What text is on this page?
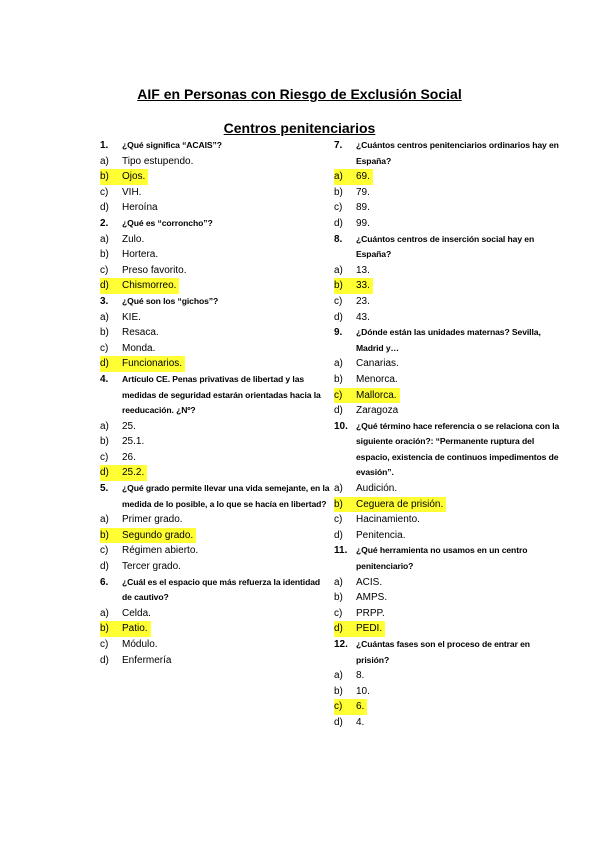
AIF en Personas con Riesgo de Exclusión Social
Centros penitenciarios
1.	¿Qué significa “ACAIS”?
a)	Tipo estupendo.
b)	Ojos.
c)	VIH.
d)	Heroína
2.	¿Qué es “corroncho”?
a)	Zulo.
b)	Hortera.
c)	Preso favorito.
d)	Chismorreo.
3.	¿Qué son los “gichos”?
a)	KIE.
b)	Resaca.
c)	Monda.
d)	Funcionarios.
4.	Artículo CE. Penas privativas de libertad y las medidas de seguridad estarán orientadas hacia la reeducación. ¿Nº?
a)	25.
b)	25.1.
c)	26.
d)	25.2.
5.	¿Qué grado permite llevar una vida semejante, en la medida de lo posible, a lo que se hacía en libertad?
a)	Primer grado.
b)	Segundo grado.
c)	Régimen abierto.
d)	Tercer grado.
6.	¿Cuál es el espacio que más refuerza la identidad de cautivo?
a)	Celda.
b)	Patio.
c)	Módulo.
d)	Enfermería
7.	¿Cuántos centros penitenciarios ordinarios hay en España?
a)	69.
b)	79.
c)	89.
d)	99.
8.	¿Cuántos centros de inserción social hay en España?
a)	13.
b)	33.
c)	23.
d)	43.
9.	¿Dónde están las unidades maternas? Sevilla, Madrid y…
a)	Canarias.
b)	Menorca.
c)	Mallorca.
d)	Zaragoza
10. ¿Qué término hace referencia o se relaciona con la siguiente oración?: “Permanente ruptura del espacio, existencia de continuos impedimentos de evasión”.
a)	Audición.
b)	Ceguera de prisión.
c)	Hacinamiento.
d)	Penitencia.
11.	¿Qué herramienta no usamos en un centro penitenciario?
a)	ACIS.
b)	AMPS.
c)	PRPP.
d)	PEDI.
12. ¿Cuántas fases son el proceso de entrar en prisión?
a)	8.
b)	10.
c)	6.
d)	4.
